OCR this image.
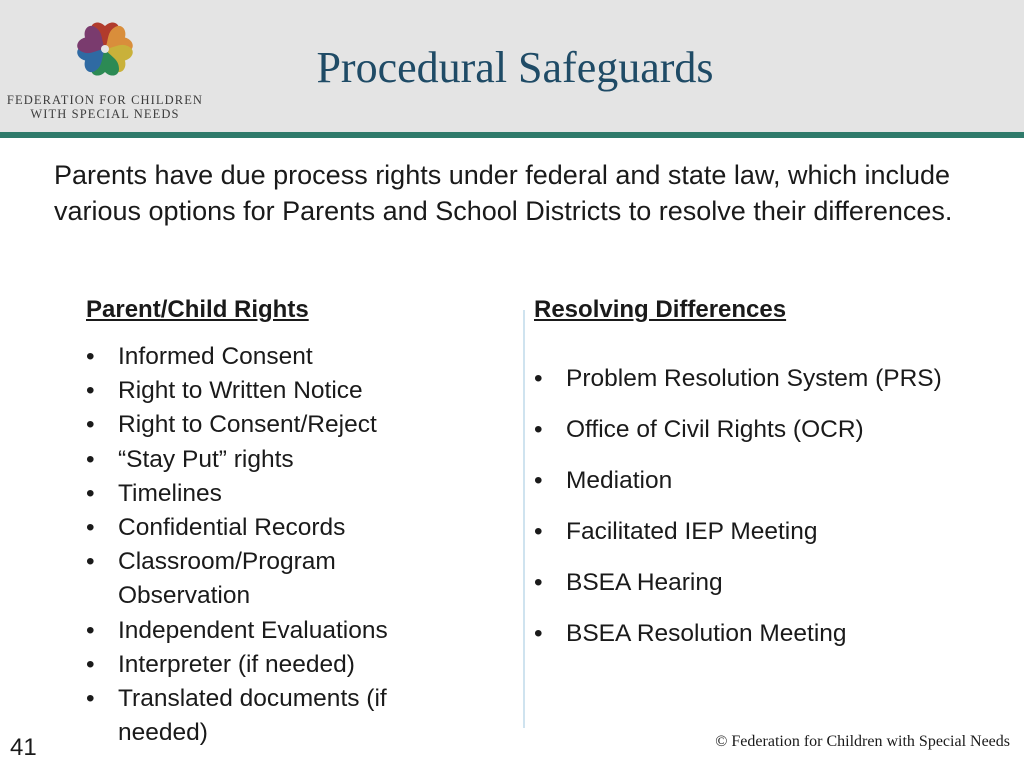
FEDERATION FOR CHILDREN
WITH SPECIAL NEEDS
Procedural Safeguards
Parents have due process rights under federal and state law, which include various options for Parents and School Districts to resolve their differences.
Parent/Child Rights
• Informed Consent
• Right to Written Notice
• Right to Consent/Reject
• “Stay Put” rights
• Timelines
• Confidential Records
• Classroom/Program Observation
• Independent Evaluations
• Interpreter (if needed)
• Translated documents (if needed)
Resolving Differences
• Problem Resolution System (PRS)
• Office of Civil Rights (OCR)
• Mediation
• Facilitated IEP Meeting
• BSEA Hearing
• BSEA Resolution Meeting
41	© Federation for Children with Special Needs
